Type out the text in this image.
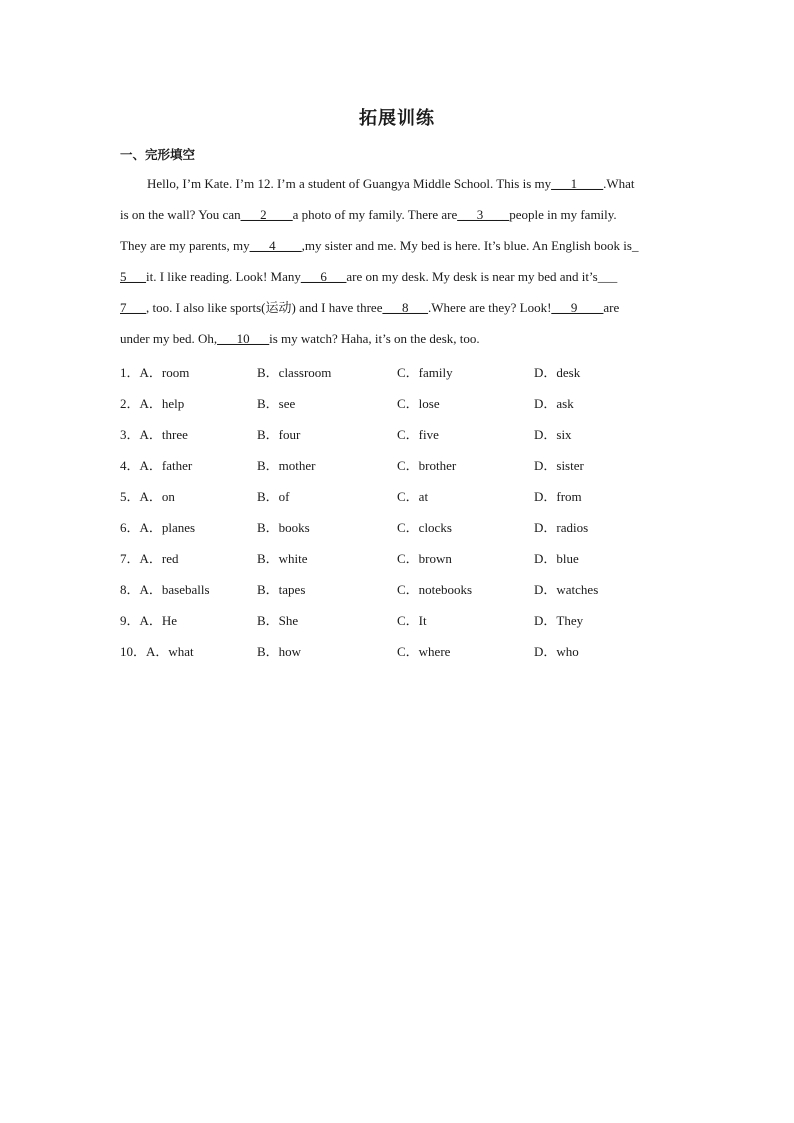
拓展训练
一、完形填空
Hello, I’m Kate. I’m 12. I’m a student of Guangya Middle School. This is my___1____.What
is on the wall? You can___2____a photo of my family. There are___3____people in my family.
They are my parents, my___4____,my sister and me. My bed is here. It’s blue. An English book is_
5___it. I like reading. Look! Many___6___are on my desk. My desk is near my bed and it’s___
7___, too. I also like sports(运动) and I have three___8___.Where are they? Look!___9____are
under my bed. Oh,___10___is my watch? Haha, it’s on the desk, too.
1．A．room	B．classroom	C．family	D．desk
2．A．help	B．see	C．lose	D．ask
3．A．three	B．four	C．five	D．six
4．A．father	B．mother	C．brother	D．sister
5．A．on	B．of	C．at	D．from
6．A．planes	B．books	C．clocks	D．radios
7．A．red	B．white	C．brown	D．blue
8．A．baseballs	B．tapes	C．notebooks	D．watches
9．A．He	B．She	C．It	D．They
10．A．what	B．how	C．where	D．who
